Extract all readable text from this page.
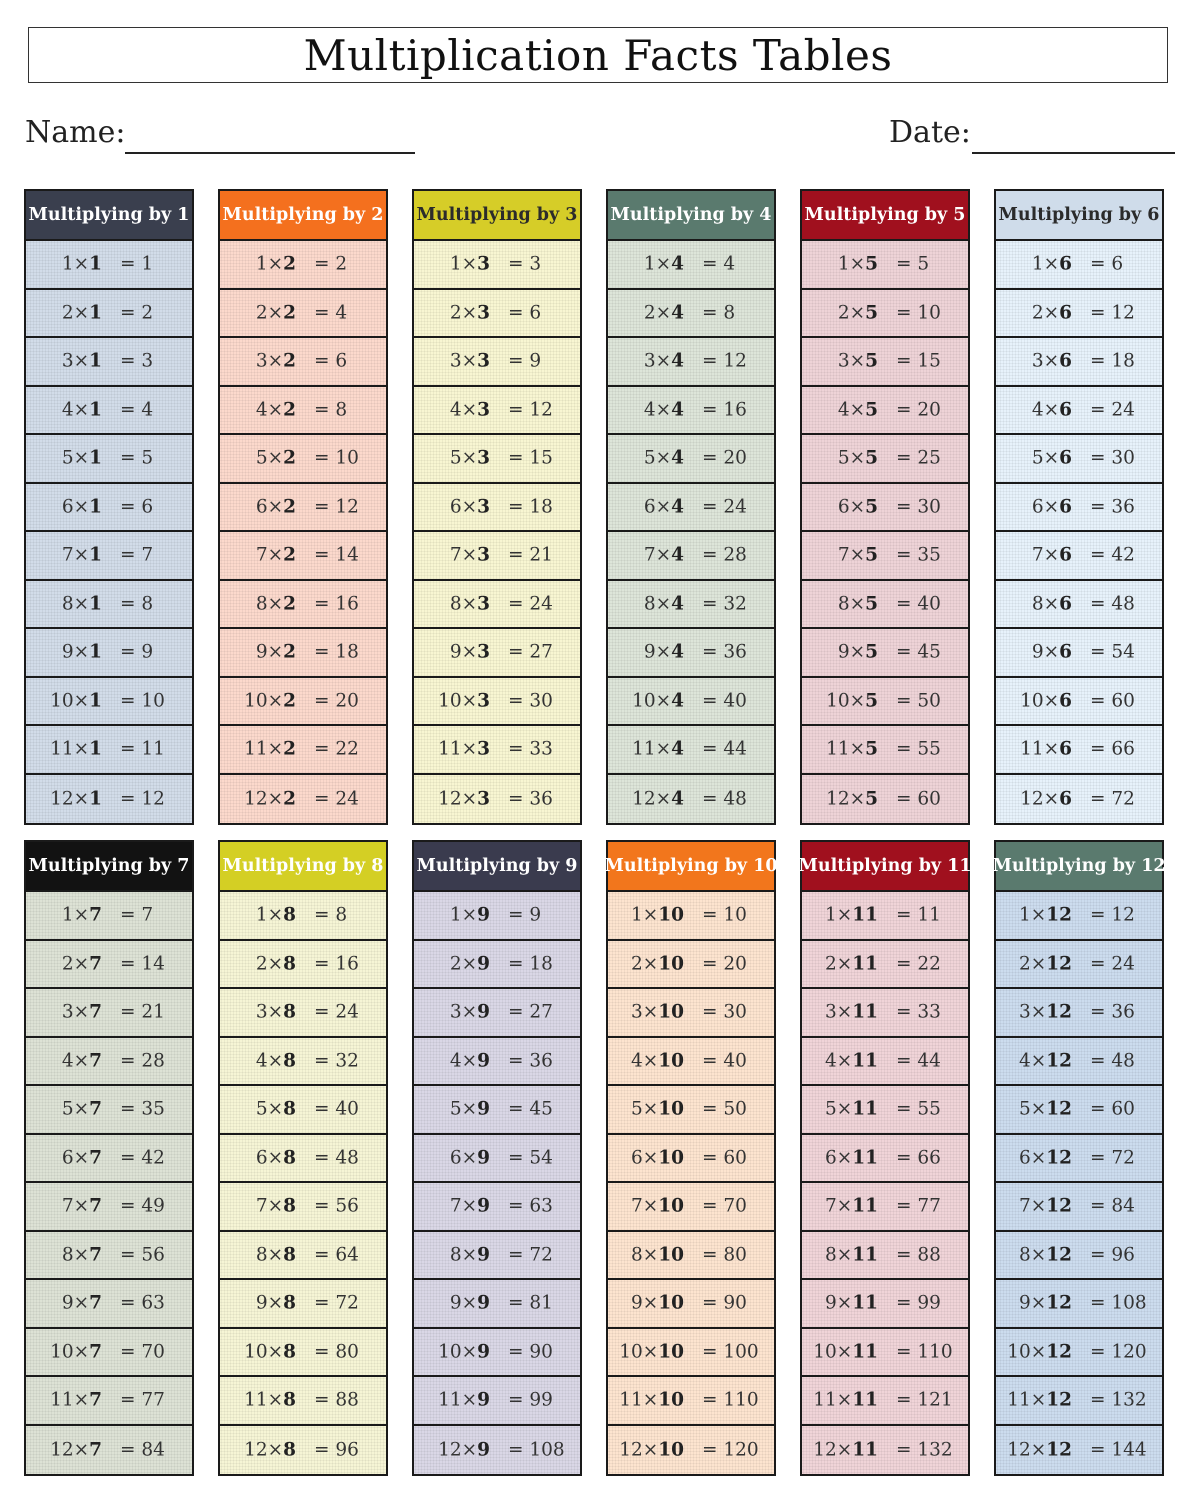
Multiplication Facts Tables
Name:	Date:
Multiplying by 1
1×1 = 1
2×1 = 2
3×1 = 3
4×1 = 4
5×1 = 5
6×1 = 6
7×1 = 7
8×1 = 8
9×1 = 9
10×1 = 10
11×1 = 11
12×1 = 12
Multiplying by 2
1×2 = 2
2×2 = 4
3×2 = 6
4×2 = 8
5×2 = 10
6×2 = 12
7×2 = 14
8×2 = 16
9×2 = 18
10×2 = 20
11×2 = 22
12×2 = 24
Multiplying by 3
1×3 = 3
2×3 = 6
3×3 = 9
4×3 = 12
5×3 = 15
6×3 = 18
7×3 = 21
8×3 = 24
9×3 = 27
10×3 = 30
11×3 = 33
12×3 = 36
Multiplying by 4
1×4 = 4
2×4 = 8
3×4 = 12
4×4 = 16
5×4 = 20
6×4 = 24
7×4 = 28
8×4 = 32
9×4 = 36
10×4 = 40
11×4 = 44
12×4 = 48
Multiplying by 5
1×5 = 5
2×5 = 10
3×5 = 15
4×5 = 20
5×5 = 25
6×5 = 30
7×5 = 35
8×5 = 40
9×5 = 45
10×5 = 50
11×5 = 55
12×5 = 60
Multiplying by 6
1×6 = 6
2×6 = 12
3×6 = 18
4×6 = 24
5×6 = 30
6×6 = 36
7×6 = 42
8×6 = 48
9×6 = 54
10×6 = 60
11×6 = 66
12×6 = 72
Multiplying by 7
1×7 = 7
2×7 = 14
3×7 = 21
4×7 = 28
5×7 = 35
6×7 = 42
7×7 = 49
8×7 = 56
9×7 = 63
10×7 = 70
11×7 = 77
12×7 = 84
Multiplying by 8
1×8 = 8
2×8 = 16
3×8 = 24
4×8 = 32
5×8 = 40
6×8 = 48
7×8 = 56
8×8 = 64
9×8 = 72
10×8 = 80
11×8 = 88
12×8 = 96
Multiplying by 9
1×9 = 9
2×9 = 18
3×9 = 27
4×9 = 36
5×9 = 45
6×9 = 54
7×9 = 63
8×9 = 72
9×9 = 81
10×9 = 90
11×9 = 99
12×9 = 108
Multiplying by 10
1×10 = 10
2×10 = 20
3×10 = 30
4×10 = 40
5×10 = 50
6×10 = 60
7×10 = 70
8×10 = 80
9×10 = 90
10×10 = 100
11×10 = 110
12×10 = 120
Multiplying by 11
1×11 = 11
2×11 = 22
3×11 = 33
4×11 = 44
5×11 = 55
6×11 = 66
7×11 = 77
8×11 = 88
9×11 = 99
10×11 = 110
11×11 = 121
12×11 = 132
Multiplying by 12
1×12 = 12
2×12 = 24
3×12 = 36
4×12 = 48
5×12 = 60
6×12 = 72
7×12 = 84
8×12 = 96
9×12 = 108
10×12 = 120
11×12 = 132
12×12 = 144
